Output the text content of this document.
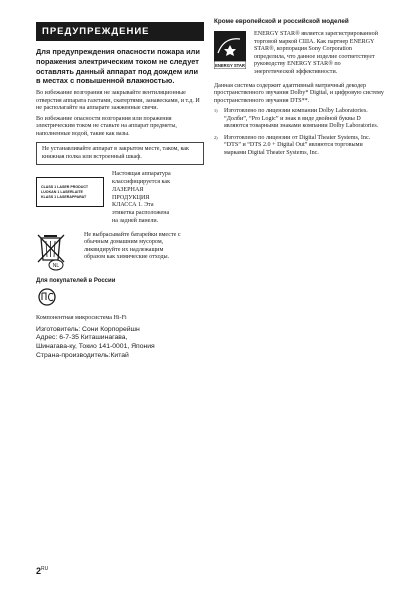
ПРЕДУПРЕЖДЕНИЕ

Для предупреждения опасности пожара или поражения электрическим током не следует оставлять данный аппарат под дождем или в местах с повышенной влажностью.

Во избежание возгорания не закрывайте вентиляционные отверстия аппарата газетами, скатертями, занавесками, и т.д. И не располагайте на аппарате зажженные свечи.

Во избежание опасности возгорания или поражения электрическим током не ставьте на аппарат предметы, наполненные водой, такие как вазы.

Не устанавливайте аппарат в закрытом месте, таком, как книжная полка или встроенный шкаф.
CLASS 1 LASER PRODUCT
LUOKAN 1 LASERLAITE
KLASS 1 LASERAPPARAT
Настоящая аппаратура классифицируется как ЛАЗЕРНАЯ ПРОДУКЦИЯ КЛАССА 1. Эта этикетка расположена на задней панели.
NL
Не выбрасывайте батарейки вместе с обычным домашним мусором, ликвидируйте их надлежащим образом как химические отходы.
Для покупателей в России
Компонентная микросистема Hi-Fi

Изготовитель: Сони Корпорейшн

Адрес: 6-7-35 Киташинагава,

Шинагава-ку, Токио 141-0001, Япония

Страна-производитель:Китай

Кроме европейской и российской моделей

ENERGY STAR
ENERGY STAR® является зарегистрированной торговой маркой США. Как партнер ENERGY STAR®, корпорация Sony Corporation определила, что данное изделие соответствует руководству ENERGY STAR® по энергетической эффективности.

Данная система содержит адаптивный матричный декодер пространственного звучания Dolby* Digital, и цифровую систему пространственного звучания DTS**.

1)	Изготовлено по лицензии компании Dolby Laboratories. “Долби”, “Pro Logic” и знак в виде двойной буквы D являются товарными знаками компании Dolby Laboratories.
2)	Изготовлено по лицензии от Digital Theater Systems, Inc. “DTS” и “DTS 2.0 + Digital Out” являются торговыми марками Digital Theater Systems, Inc.
$2^{RU}$
